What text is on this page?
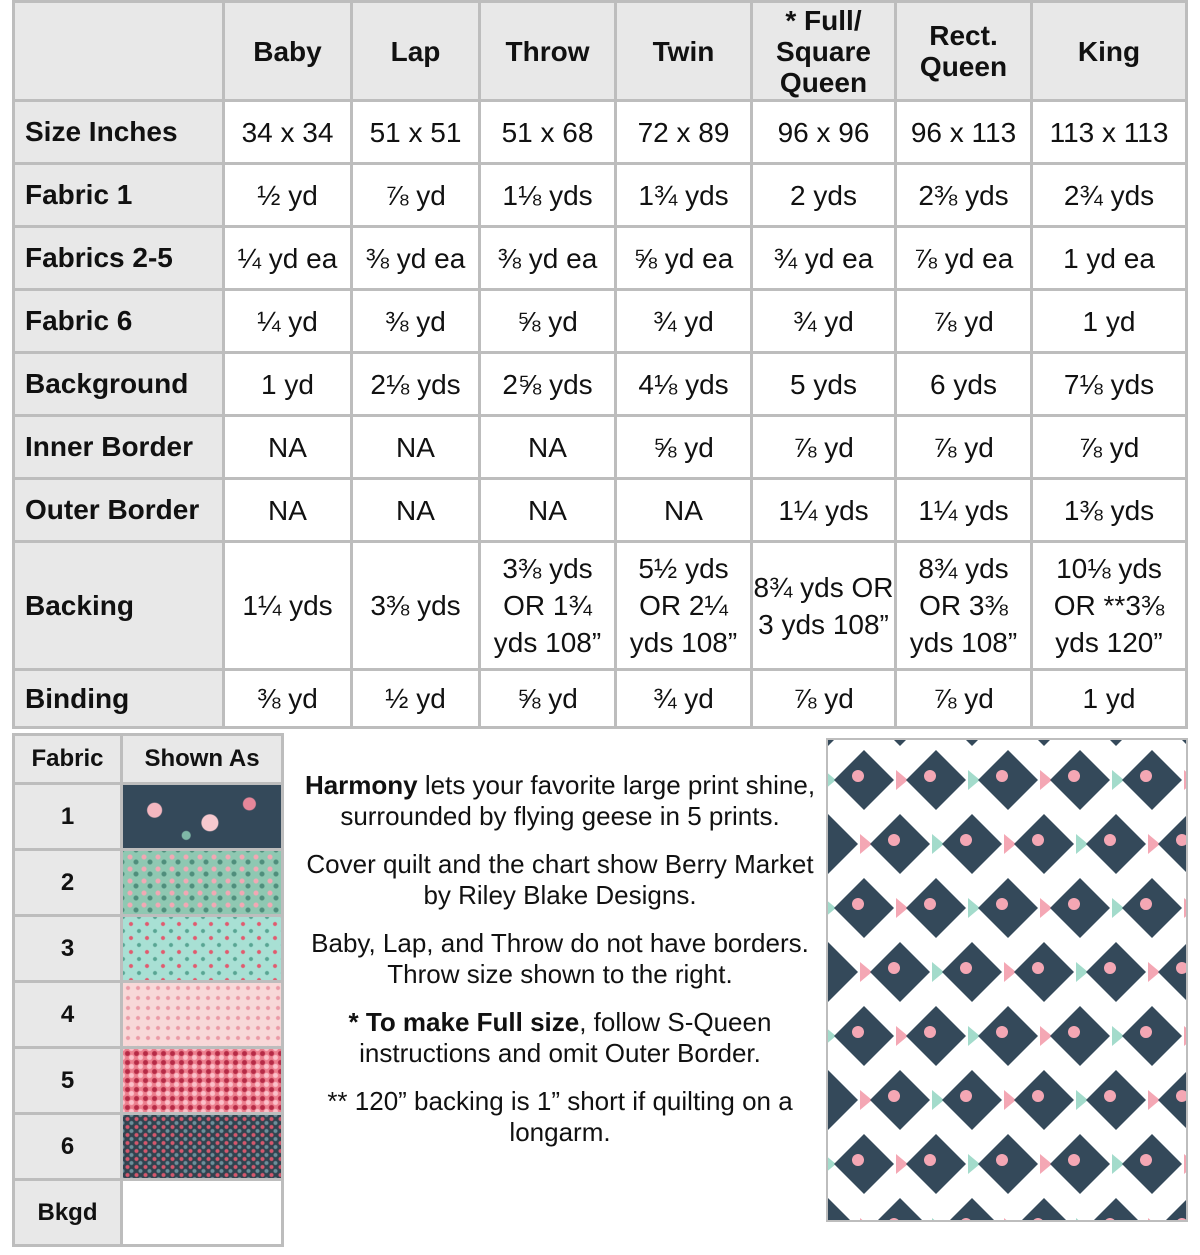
	Baby	Lap	Throw	Twin	* Full/ Square Queen	Rect. Queen	King
Size Inches	34 x 34	51 x 51	51 x 68	72 x 89	96 x 96	96 x 113	113 x 113
Fabric 1	½ yd	⅞ yd	1⅛ yds	1¾ yds	2 yds	2⅜ yds	2¾ yds
Fabrics 2-5	¼ yd ea	⅜ yd ea	⅜ yd ea	⅝ yd ea	¾ yd ea	⅞ yd ea	1 yd ea
Fabric 6	¼ yd	⅜ yd	⅝ yd	¾ yd	¾ yd	⅞ yd	1 yd
Background	1 yd	2⅛ yds	2⅝ yds	4⅛ yds	5 yds	6 yds	7⅛ yds
Inner Border	NA	NA	NA	⅝ yd	⅞ yd	⅞ yd	⅞ yd
Outer Border	NA	NA	NA	NA	1¼ yds	1¼ yds	1⅜ yds
Backing	1¼ yds	3⅜ yds	3⅜ yds OR 1¾ yds 108”	5½ yds OR 2¼ yds 108”	8¾ yds OR 3 yds 108”	8¾ yds OR 3⅜ yds 108”	10⅛ yds OR **3⅜ yds 120”
Binding	⅜ yd	½ yd	⅝ yd	¾ yd	⅞ yd	⅞ yd	1 yd
Fabric	Shown As
1	

2	

3	

4	

5	

6	

Bkgd	

Harmony lets your favorite large print shine, surrounded by flying geese in 5 prints.

Cover quilt and the chart show Berry Market by Riley Blake Designs.

Baby, Lap, and Throw do not have borders. Throw size shown to the right.

* To make Full size, follow S-Queen instructions and omit Outer Border.

** 120” backing is 1” short if quilting on a longarm.
